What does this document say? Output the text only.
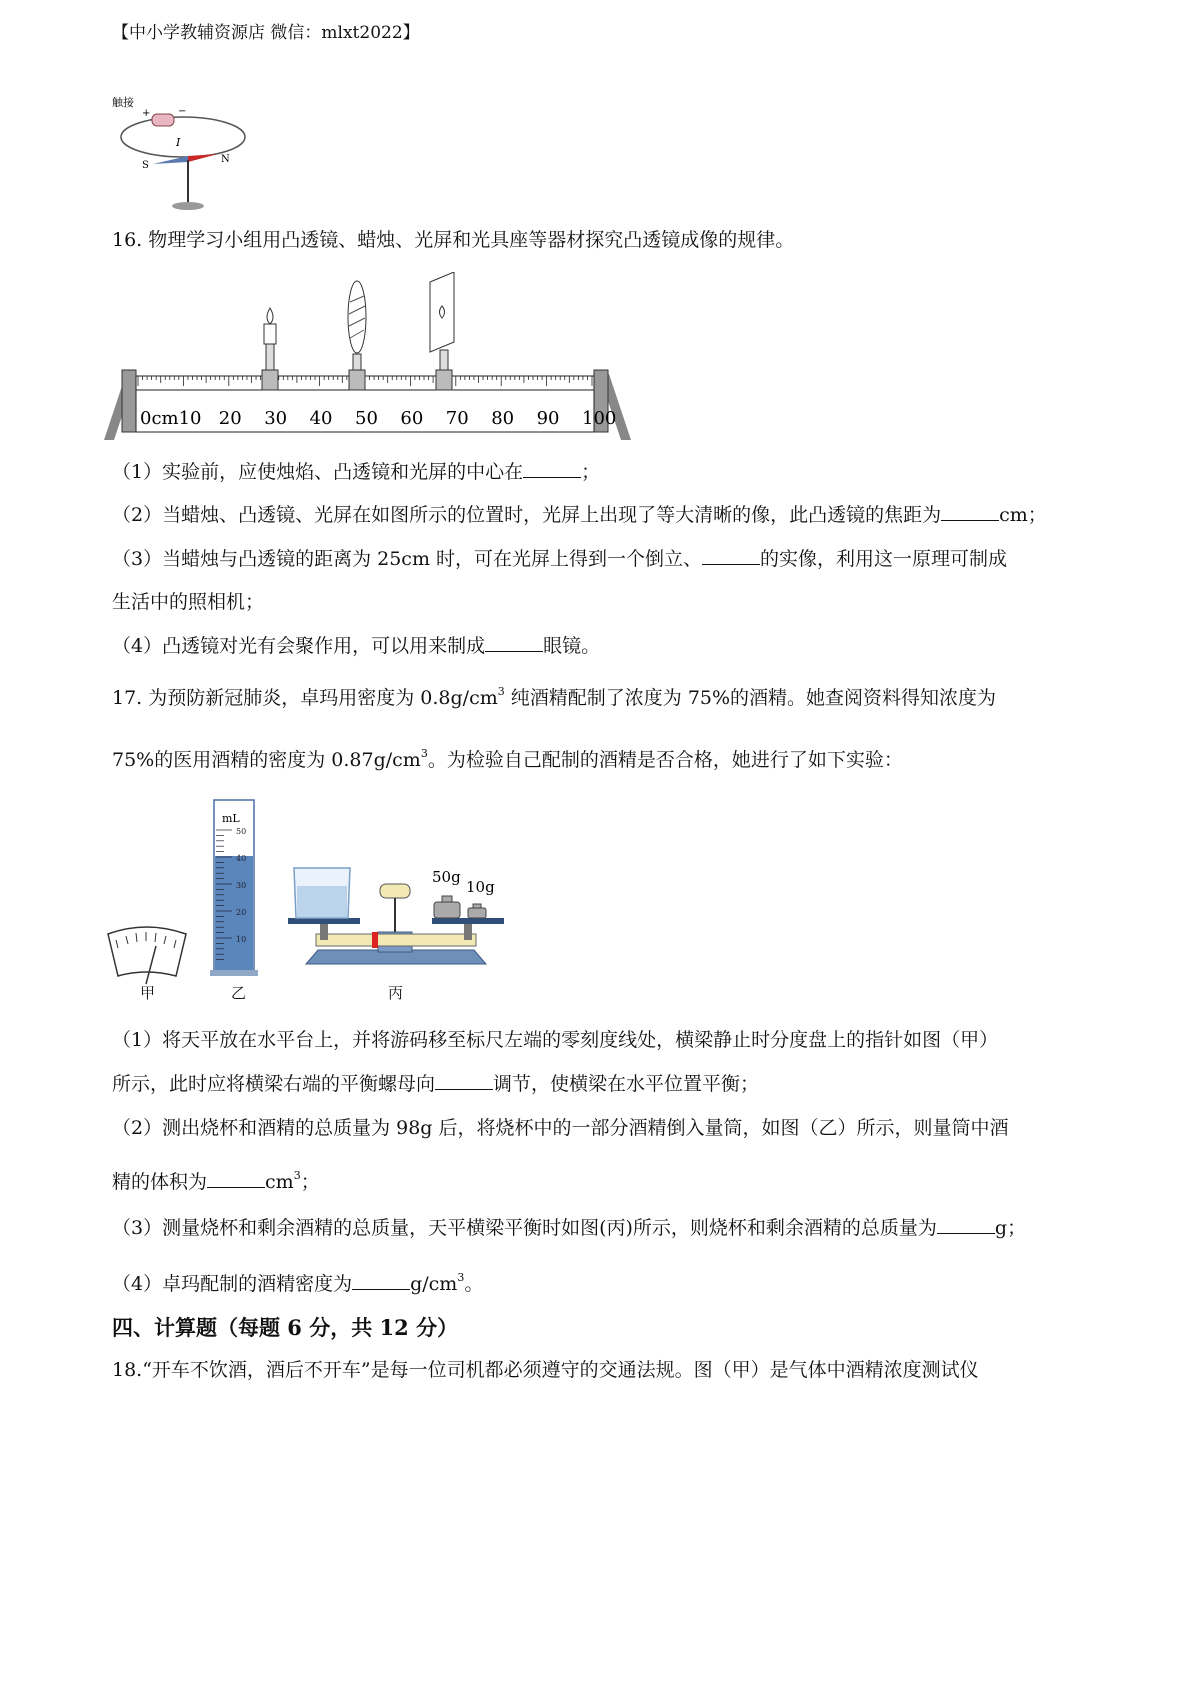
【中小学教辅资源店 微信：mlxt2022】
触接
+	−
I
S
N
16. 物理学习小组用凸透镜、蜡烛、光屏和光具座等器材探究凸透镜成像的规律。
0cm10 20 30 40 50 60 70 80 90 100
（1）实验前，应使烛焰、凸透镜和光屏的中心在	；
（2）当蜡烛、凸透镜、光屏在如图所示的位置时，光屏上出现了等大清晰的像，此凸透镜的焦距为	cm；
（3）当蜡烛与凸透镜的距离为 25cm 时，可在光屏上得到一个倒立、	的实像，利用这一原理可制成
生活中的照相机；
（4）凸透镜对光有会聚作用，可以用来制成	眼镜。
17. 为预防新冠肺炎，卓玛用密度为 $0.8g/cm^3$ 纯酒精配制了浓度为 75%的酒精。她查阅资料得知浓度为
75%的医用酒精的密度为 $0.87g/cm^3$。为检验自己配制的酒精是否合格，她进行了如下实验：
甲
mL
50
40
30
20
10
乙
50g
10g
丙
（1）将天平放在水平台上，并将游码移至标尺左端的零刻度线处，横梁静止时分度盘上的指针如图（甲）
所示，此时应将横梁右端的平衡螺母向	调节，使横梁在水平位置平衡；
（2）测出烧杯和酒精的总质量为 98g 后，将烧杯中的一部分酒精倒入量筒，如图（乙）所示，则量筒中酒
精的体积为	$cm^3$；
（3）测量烧杯和剩余酒精的总质量，天平横梁平衡时如图(丙)所示，则烧杯和剩余酒精的总质量为	g；
（4）卓玛配制的酒精密度为	$g/cm^3$。
四、计算题（每题 6 分，共 12 分）
18.“开车不饮酒，酒后不开车”是每一位司机都必须遵守的交通法规。图（甲）是气体中酒精浓度测试仪
